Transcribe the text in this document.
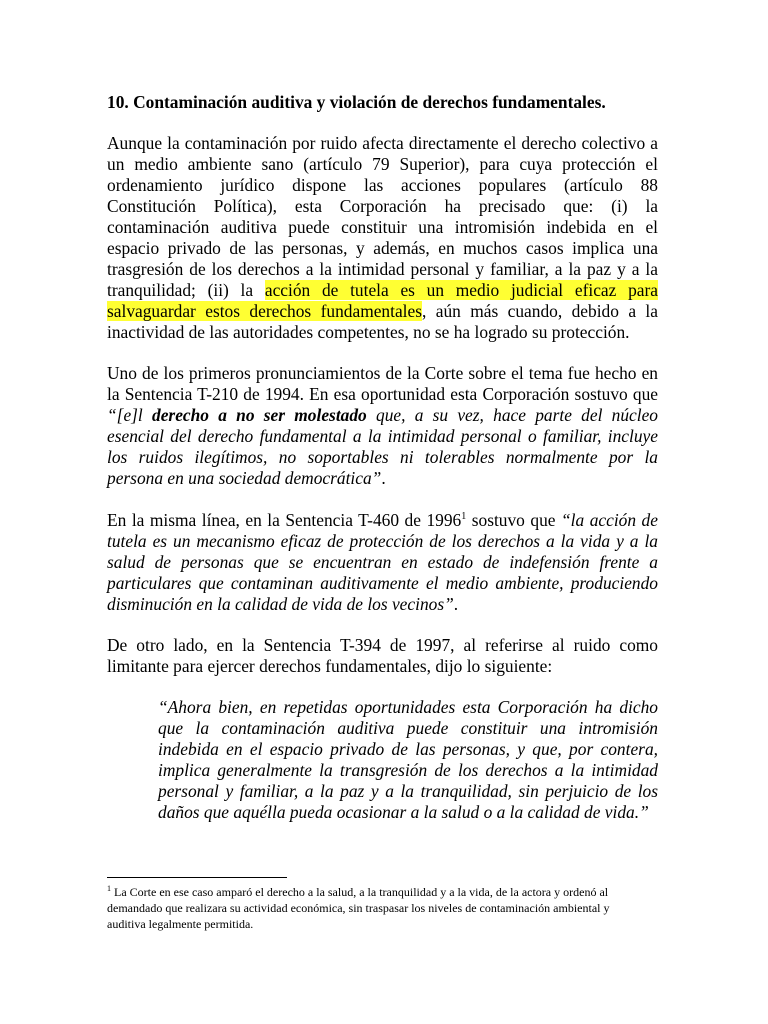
10. Contaminación auditiva y violación de derechos fundamentales.
Aunque la contaminación por ruido afecta directamente el derecho colectivo a
un medio ambiente sano (artículo 79 Superior), para cuya protección el
ordenamiento jurídico dispone las acciones populares (artículo 88
Constitución Política), esta Corporación ha precisado que: (i) la
contaminación auditiva puede constituir una intromisión indebida en el
espacio privado de las personas, y además, en muchos casos implica una
trasgresión de los derechos a la intimidad personal y familiar, a la paz y a la
tranquilidad; (ii) la acción de tutela es un medio judicial eficaz para
salvaguardar estos derechos fundamentales, aún más cuando, debido a la
inactividad de las autoridades competentes, no se ha logrado su protección.
Uno de los primeros pronunciamientos de la Corte sobre el tema fue hecho en
la Sentencia T-210 de 1994. En esa oportunidad esta Corporación sostuvo que
“[e]l derecho a no ser molestado que, a su vez, hace parte del núcleo
esencial del derecho fundamental a la intimidad personal o familiar, incluye
los ruidos ilegítimos, no soportables ni tolerables normalmente por la
persona en una sociedad democrática”.
En la misma línea, en la Sentencia T-460 de 1996$^1$ sostuvo que “la acción de
tutela es un mecanismo eficaz de protección de los derechos a la vida y a la
salud de personas que se encuentran en estado de indefensión frente a
particulares que contaminan auditivamente el medio ambiente, produciendo
disminución en la calidad de vida de los vecinos”.
De otro lado, en la Sentencia T-394 de 1997, al referirse al ruido como
limitante para ejercer derechos fundamentales, dijo lo siguiente:
“Ahora bien, en repetidas oportunidades esta Corporación ha dicho
que la contaminación auditiva puede constituir una intromisión
indebida en el espacio privado de las personas, y que, por contera,
implica generalmente la transgresión de los derechos a la intimidad
personal y familiar, a la paz y a la tranquilidad, sin perjuicio de los
daños que aquélla pueda ocasionar a la salud o a la calidad de vida.”
$^1$ La Corte en ese caso amparó el derecho a la salud, a la tranquilidad y a la vida, de la actora y ordenó al
demandado que realizara su actividad económica, sin traspasar los niveles de contaminación ambiental y
auditiva legalmente permitida.
